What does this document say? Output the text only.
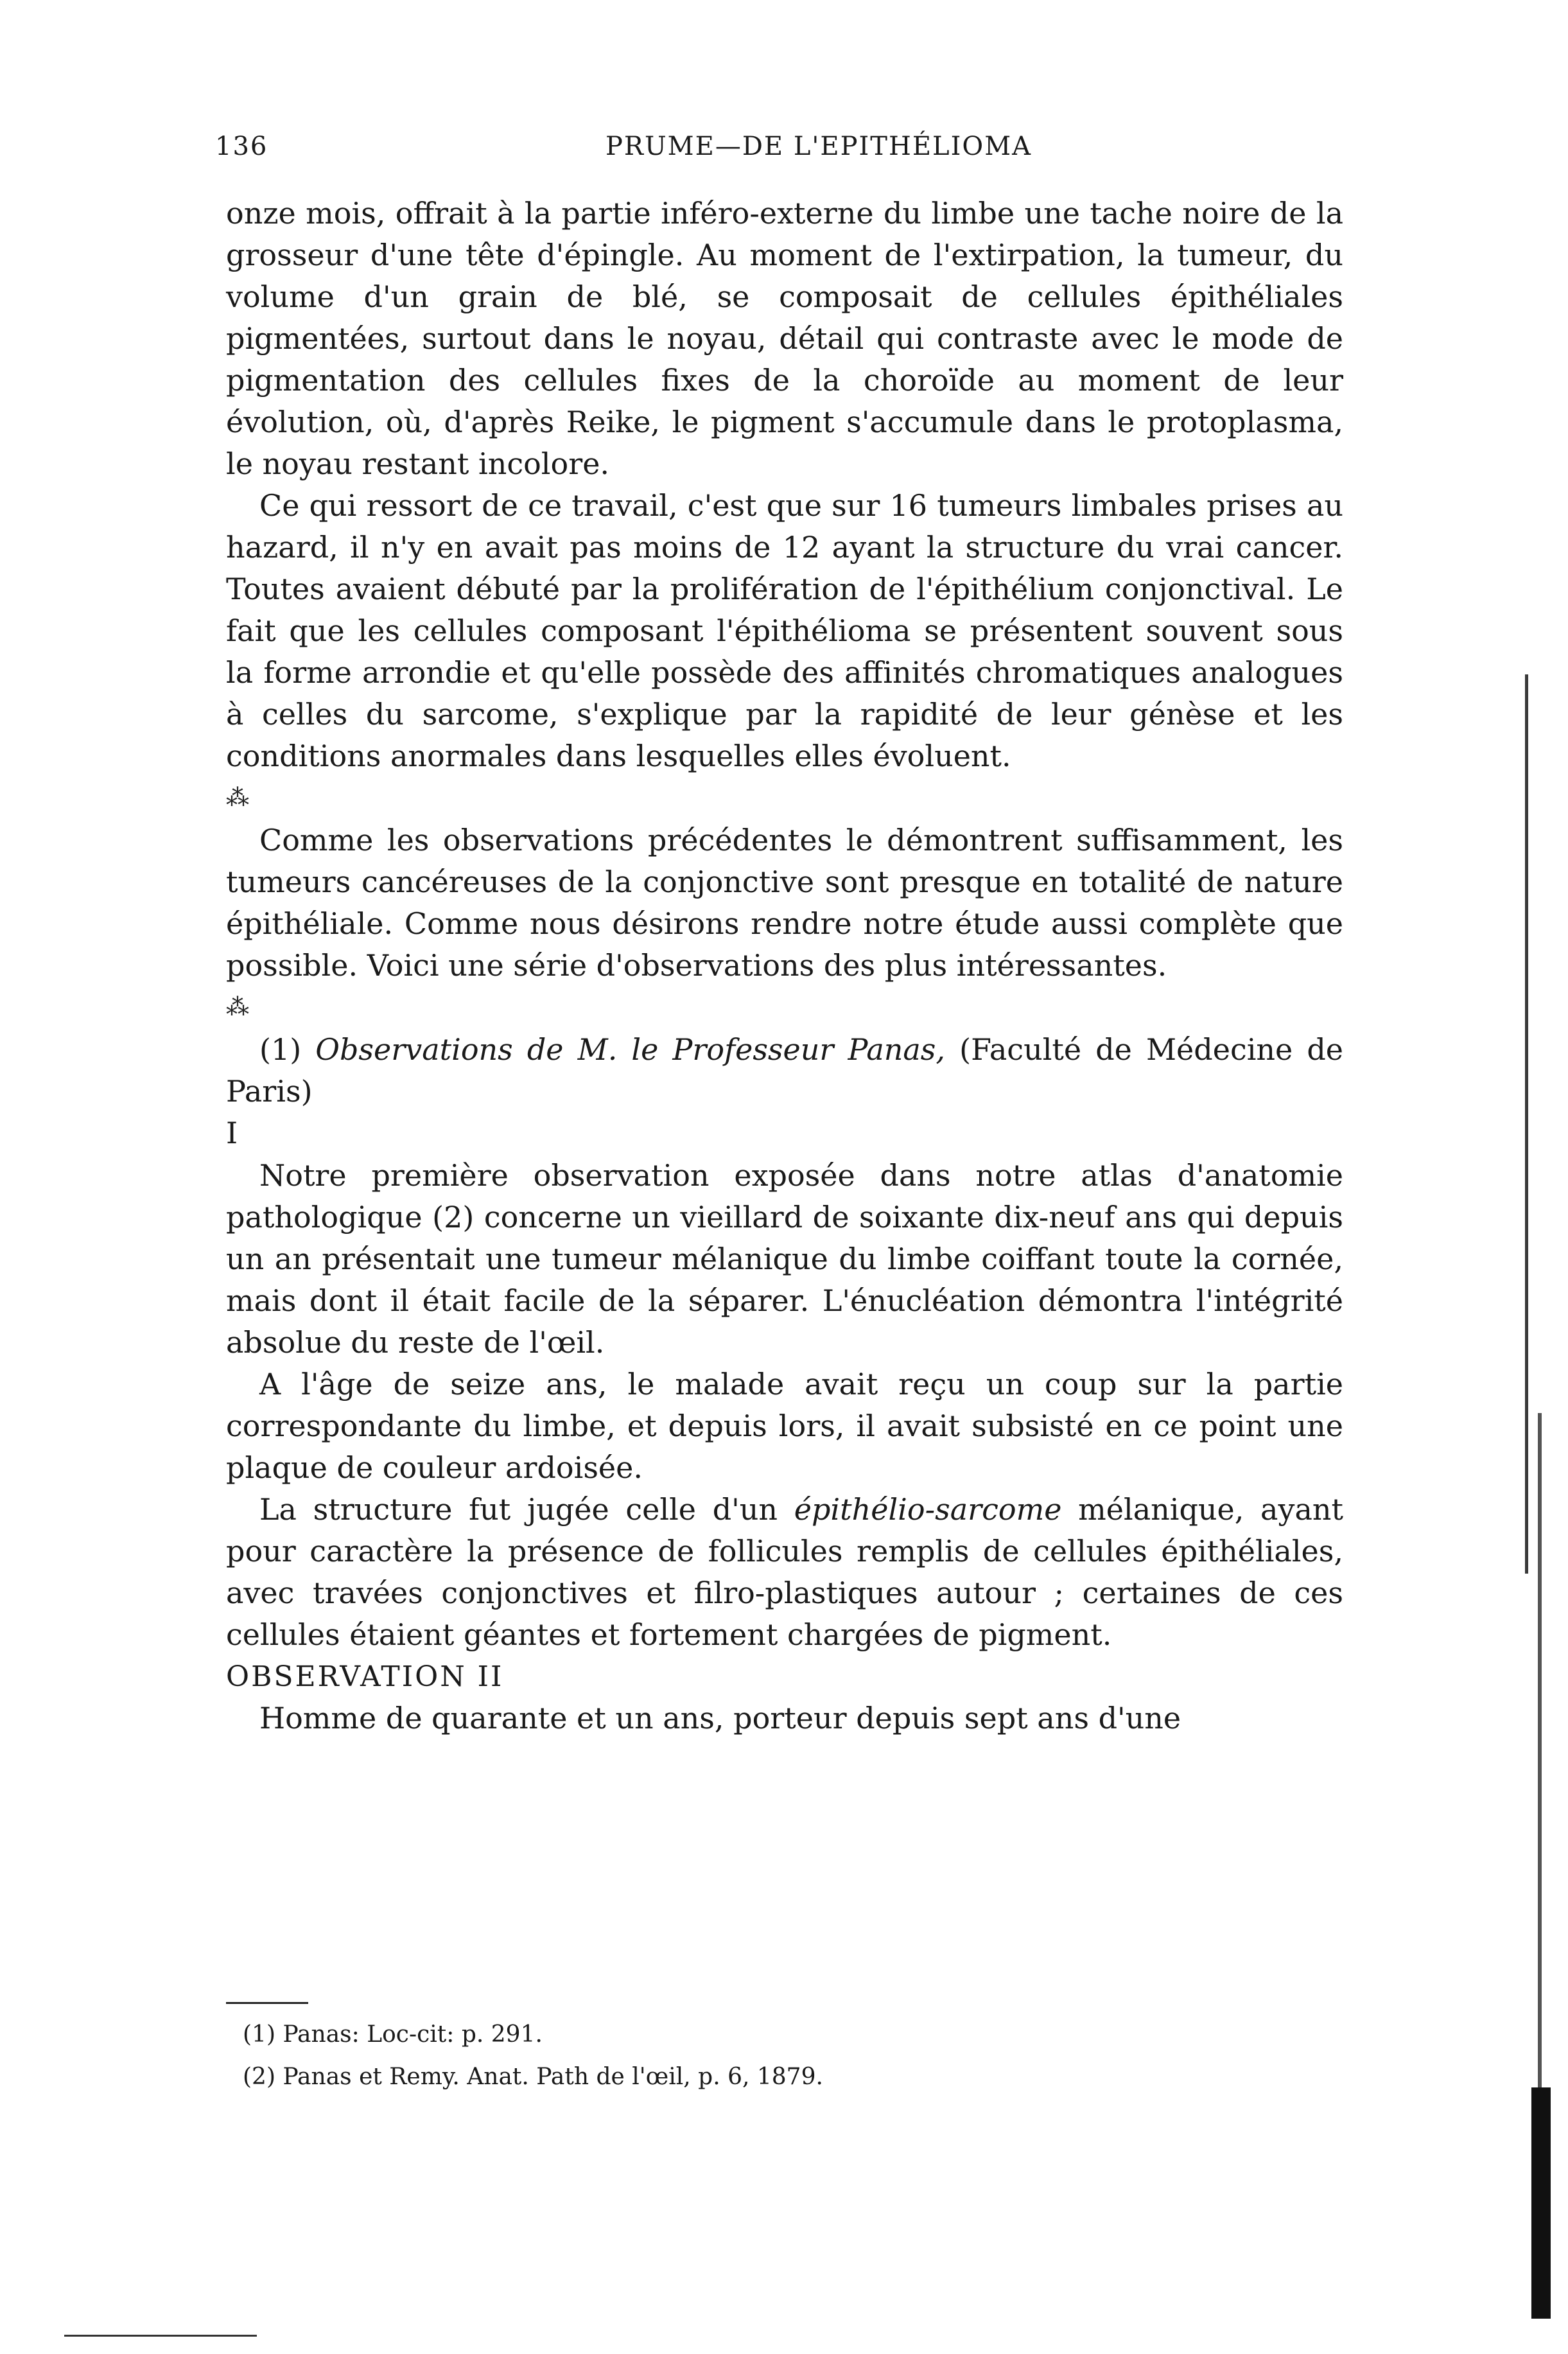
136	PRUME—DE L'EPITHÉLIOMA

onze mois, offrait à la partie inféro-externe du limbe une tache noire de la grosseur d'une tête d'épingle. Au moment de l'extirpation, la tumeur, du volume d'un grain de blé, se composait de cellules épithéliales pigmentées, surtout dans le noyau, détail qui contraste avec le mode de pigmentation des cellules fixes de la choroïde au moment de leur évolution, où, d'après Reike, le pigment s'accumule dans le protoplasma, le noyau restant incolore.

Ce qui ressort de ce travail, c'est que sur 16 tumeurs limbales prises au hazard, il n'y en avait pas moins de 12 ayant la structure du vrai cancer. Toutes avaient débuté par la prolifération de l'épithélium conjonctival. Le fait que les cellules composant l'épithélioma se présentent souvent sous la forme arrondie et qu'elle possède des affinités chromatiques analogues à celles du sarcome, s'explique par la rapidité de leur génèse et les conditions anormales dans lesquelles elles évoluent.

⁂

Comme les observations précédentes le démontrent suffisamment, les tumeurs cancéreuses de la conjonctive sont presque en totalité de nature épithéliale. Comme nous désirons rendre notre étude aussi complète que possible. Voici une série d'observations des plus intéressantes.

⁂

(1) Observations de M. le Professeur Panas, (Faculté de Médecine de Paris)

I

Notre première observation exposée dans notre atlas d'anatomie pathologique (2) concerne un vieillard de soixante dix-neuf ans qui depuis un an présentait une tumeur mélanique du limbe coiffant toute la cornée, mais dont il était facile de la séparer. L'énucléation démontra l'intégrité absolue du reste de l'œil.

A l'âge de seize ans, le malade avait reçu un coup sur la partie correspondante du limbe, et depuis lors, il avait subsisté en ce point une plaque de couleur ardoisée.

La structure fut jugée celle d'un épithélio-sarcome mélanique, ayant pour caractère la présence de follicules remplis de cellules épithéliales, avec travées conjonctives et filro-plastiques autour ; certaines de ces cellules étaient géantes et fortement chargées de pigment.

OBSERVATION II

Homme de quarante et un ans, porteur depuis sept ans d'une

(1) Panas: Loc-cit: p. 291.

(2) Panas et Remy. Anat. Path de l'œil, p. 6, 1879.
